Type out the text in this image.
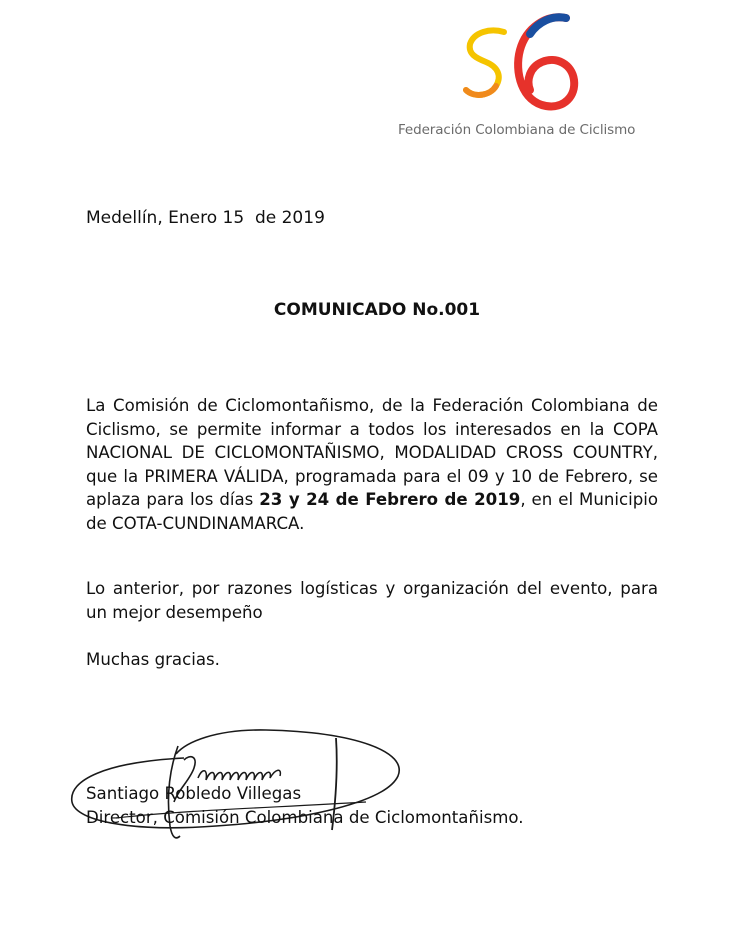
Federación Colombiana de Ciclismo
Medellín, Enero 15  de 2019
COMUNICADO No.001
La Comisión de Ciclomontañismo, de la Federación Colombiana de Ciclismo, se permite informar a todos los interesados en la COPA NACIONAL DE CICLOMONTAÑISMO, MODALIDAD CROSS COUNTRY, que la PRIMERA VÁLIDA, programada para el 09 y 10 de Febrero, se aplaza para los días 23 y 24 de Febrero de 2019, en el Municipio de COTA-CUNDINAMARCA.
Lo anterior, por razones logísticas y organización del evento, para un mejor desempeño
Muchas gracias.
Santiago Robledo Villegas
Director, Comisión Colombiana de Ciclomontañismo.
